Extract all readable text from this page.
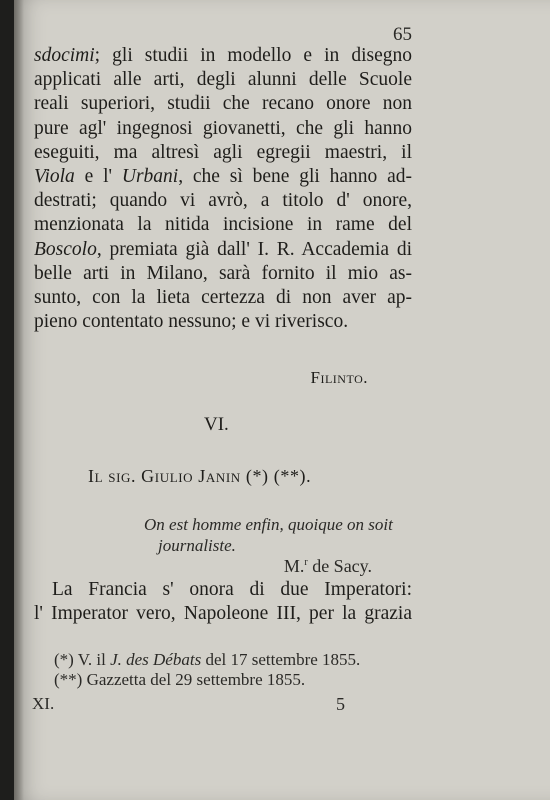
65
sdocimi; gli studii in modello e in disegno
applicati alle arti, degli alunni delle Scuole
reali superiori, studii che recano onore non
pure agl' ingegnosi giovanetti, che gli hanno
eseguiti, ma altresì agli egregii maestri, il
Viola e l' Urbani, che sì bene gli hanno ad-
destrati; quando vi avrò, a titolo d' onore,
menzionata la nitida incisione in rame del
Boscolo, premiata già dall' I. R. Accademia di
belle arti in Milano, sarà fornito il mio as-
sunto, con la lieta certezza di non aver ap-
pieno contentato nessuno; e vi riverisco.
Filinto.
VI.
Il sig. Giulio Janin (*) (**).
On est homme enfin, quoique on soit
journaliste.
M.$^r$ de Sacy.
La Francia s' onora di due Imperatori:
l' Imperator vero, Napoleone III, per la grazia
(*) V. il J. des Débats del 17 settembre 1855.
(**) Gazzetta del 29 settembre 1855.
XI.	5
